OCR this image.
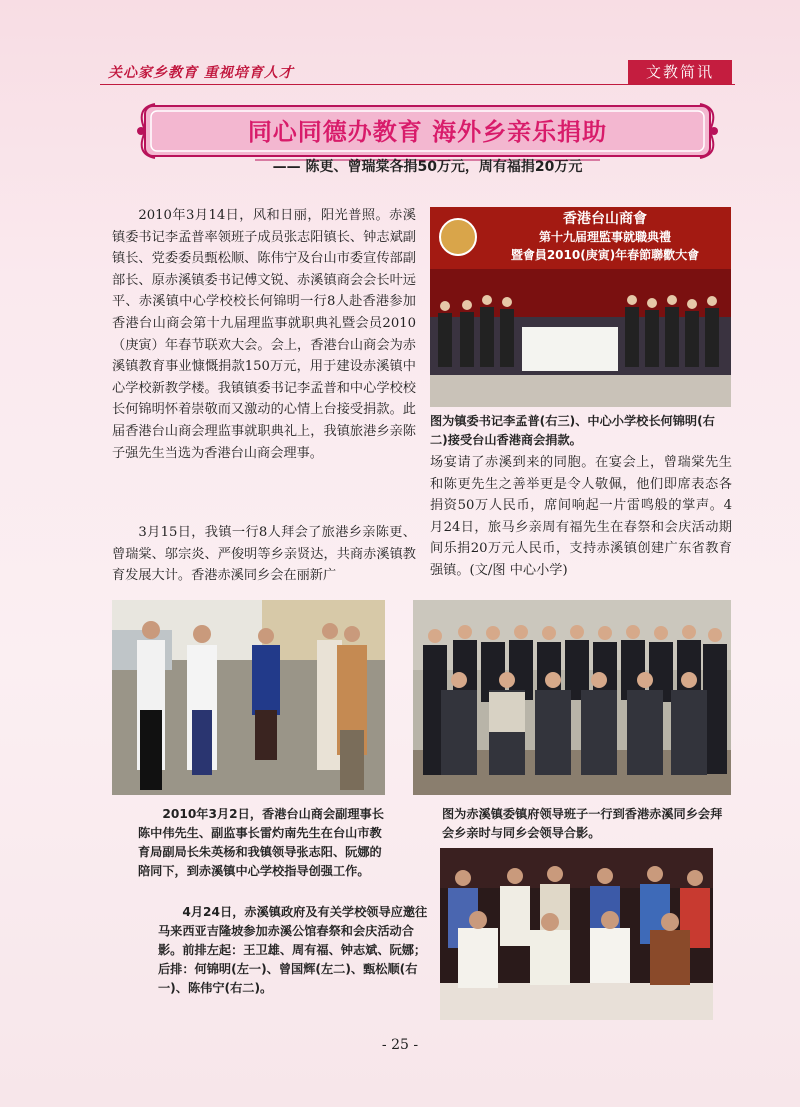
关心家乡教育 重视培育人才	文教简讯
同心同德办教育 海外乡亲乐捐助
—— 陈更、曾瑞棠各捐50万元，周有福捐20万元
2010年3月14日，风和日丽，阳光普照。赤溪镇委书记李孟普率领班子成员张志阳镇长、钟志斌副镇长、党委委员甄松顺、陈伟宁及台山市委宣传部副部长、原赤溪镇委书记傅文锐、赤溪镇商会会长叶远平、赤溪镇中心学校校长何锦明一行8人赴香港参加香港台山商会第十九届理监事就职典礼暨会员2010（庚寅）年春节联欢大会。会上，香港台山商会为赤溪镇教育事业慷慨捐款150万元，用于建设赤溪镇中心学校新教学楼。我镇镇委书记李孟普和中心学校校长何锦明怀着崇敬而又激动的心情上台接受捐款。此届香港台山商会理监事就职典礼上，我镇旅港乡亲陈子强先生当选为香港台山商会理事。
3月15日，我镇一行8人拜会了旅港乡亲陈更、曾瑞棠、邬宗炎、严俊明等乡亲贤达，共商赤溪镇教育发展大计。香港赤溪同乡会在丽新广
香港台山商會
第十九届理監事就職典禮
暨會員2010(庚寅)年春節聯歡大會
图为镇委书记李孟普(右三)、中心小学校长何锦明(右二)接受台山香港商会捐款。
场宴请了赤溪到来的同胞。在宴会上，曾瑞棠先生和陈更先生之善举更是令人敬佩，他们即席表态各捐资50万人民币，席间响起一片雷鸣般的掌声。4月24日，旅马乡亲周有福先生在春祭和会庆活动期间乐捐20万元人民币，支持赤溪镇创建广东省教育强镇。(文/图 中心小学)
2010年3月2日，香港台山商会副理事长陈中伟先生、副监事长雷灼南先生在台山市教育局副局长朱英杨和我镇领导张志阳、阮娜的陪同下，到赤溪镇中心学校指导创强工作。
图为赤溪镇委镇府领导班子一行到香港赤溪同乡会拜会乡亲时与同乡会领导合影。
4月24日，赤溪镇政府及有关学校领导应邀往马来西亚吉隆坡参加赤溪公馆春祭和会庆活动合影。前排左起：王卫雄、周有福、钟志斌、阮娜；后排：何锦明(左一)、曾国辉(左二)、甄松顺(右一)、陈伟宁(右二)。
- 25 -
